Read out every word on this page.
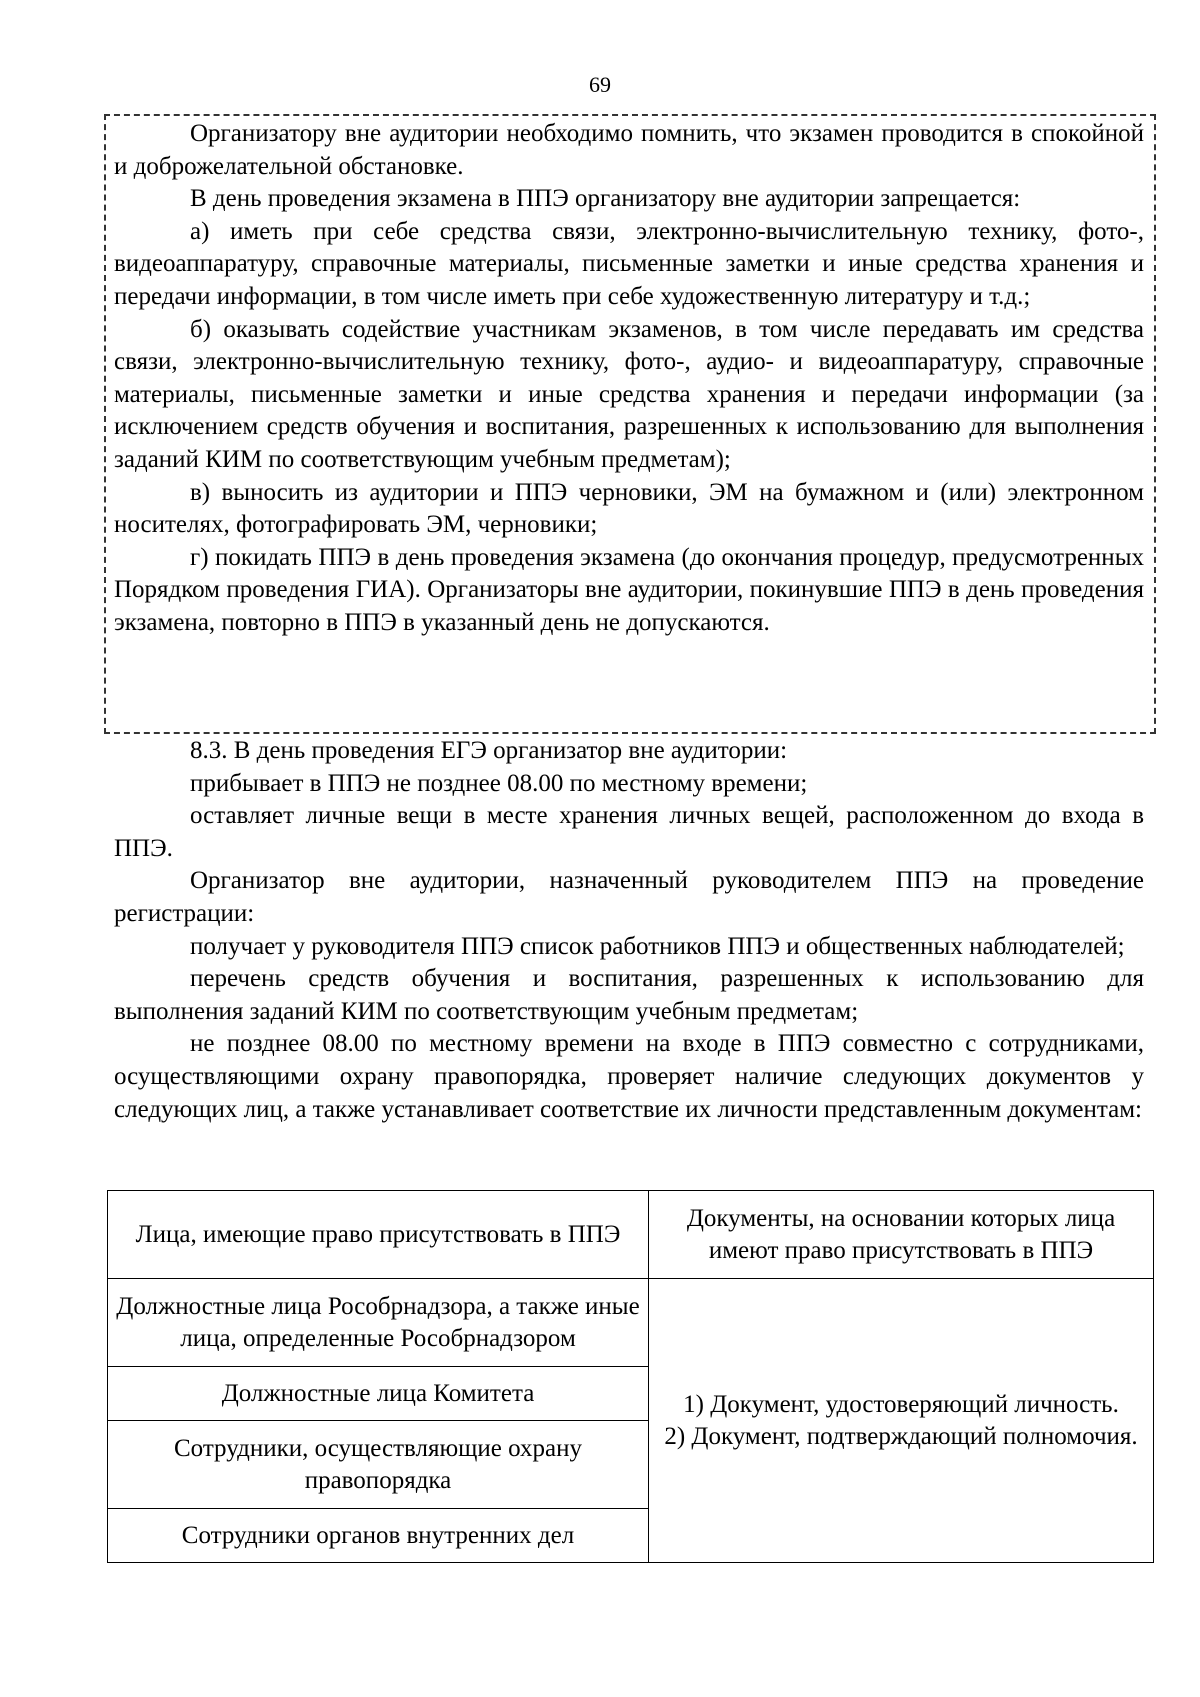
69

Организатору вне аудитории необходимо помнить, что экзамен проводится в спокойной и доброжелательной обстановке.

В день проведения экзамена в ППЭ организатору вне аудитории запрещается:

а) иметь при себе средства связи, электронно-вычислительную технику, фото-, видеоаппаратуру, справочные материалы, письменные заметки и иные средства хранения и передачи информации, в том числе иметь при себе художественную литературу и т.д.;

б) оказывать содействие участникам экзаменов, в том числе передавать им средства связи, электронно-вычислительную технику, фото-, аудио- и видеоаппаратуру, справочные материалы, письменные заметки и иные средства хранения и передачи информации (за исключением средств обучения и воспитания, разрешенных к использованию для выполнения заданий КИМ по соответствующим учебным предметам);

в) выносить из аудитории и ППЭ черновики, ЭМ на бумажном и (или) электронном носителях, фотографировать ЭМ, черновики;

г) покидать ППЭ в день проведения экзамена (до окончания процедур, предусмотренных Порядком проведения ГИА). Организаторы вне аудитории, покинувшие ППЭ в день проведения экзамена, повторно в ППЭ в указанный день не допускаются.

8.3. В день проведения ЕГЭ организатор вне аудитории:

прибывает в ППЭ не позднее 08.00 по местному времени;

оставляет личные вещи в месте хранения личных вещей, расположенном до входа в ППЭ.

Организатор вне аудитории, назначенный руководителем ППЭ на проведение регистрации:

получает у руководителя ППЭ список работников ППЭ и общественных наблюдателей;

перечень средств обучения и воспитания, разрешенных к использованию для выполнения заданий КИМ по соответствующим учебным предметам;

не позднее 08.00 по местному времени на входе в ППЭ совместно с сотрудниками, осуществляющими охрану правопорядка, проверяет наличие следующих документов у следующих лиц, а также устанавливает соответствие их личности представленным документам:

Лица, имеющие право присутствовать в ППЭ	Документы, на основании которых лица имеют право присутствовать в ППЭ
Должностные лица Рособрнадзора, а также иные лица, определенные Рособрнадзором	1) Документ, удостоверяющий личность.
2) Документ, подтверждающий полномочия.

Должностные лица Комитета	
Сотрудники, осуществляющие охрану правопорядка	
Сотрудники органов внутренних дел	
